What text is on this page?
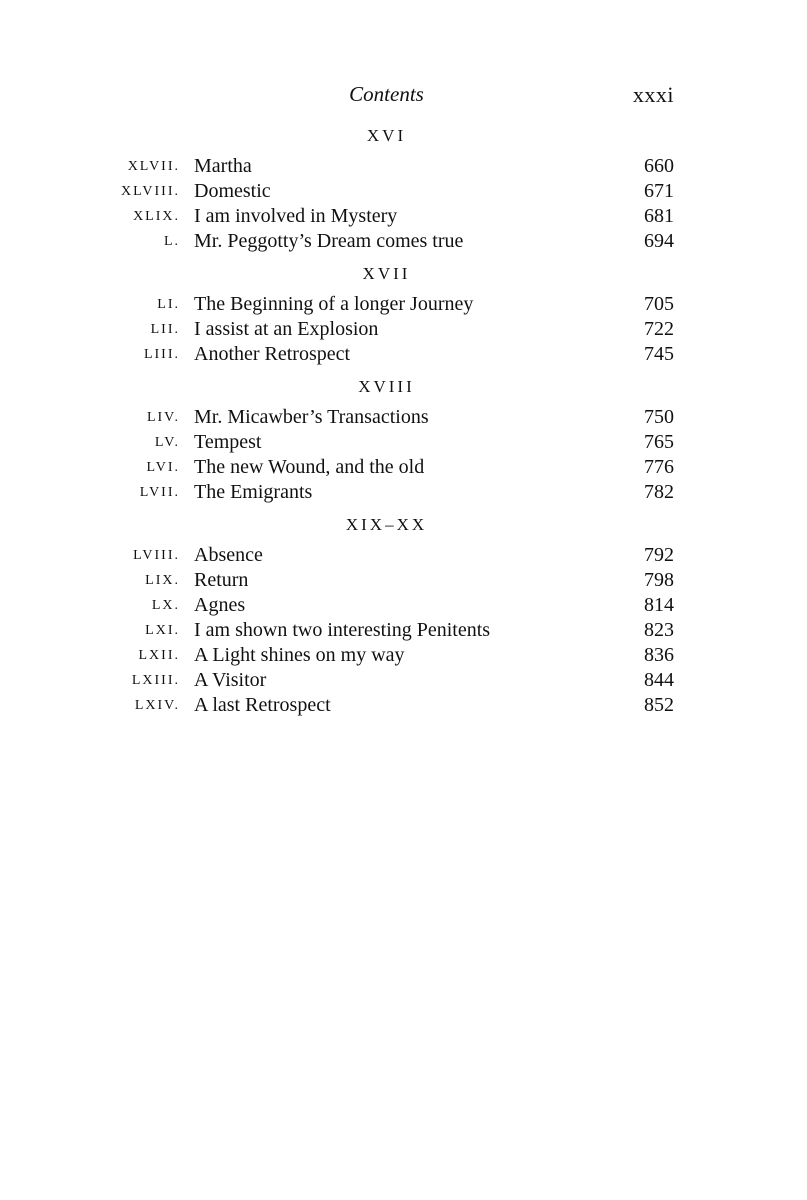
Contents	xxxi
XVI
XLVII. Martha	660
XLVIII. Domestic	671
XLIX. I am involved in Mystery	681
L. Mr. Peggotty’s Dream comes true	694
XVII
LI. The Beginning of a longer Journey	705
LII. I assist at an Explosion	722
LIII. Another Retrospect	745
XVIII
LIV. Mr. Micawber’s Transactions	750
LV. Tempest	765
LVI. The new Wound, and the old	776
LVII. The Emigrants	782
XIX–XX
LVIII. Absence	792
LIX. Return	798
LX. Agnes	814
LXI. I am shown two interesting Penitents	823
LXII. A Light shines on my way	836
LXIII. A Visitor	844
LXIV. A last Retrospect	852
